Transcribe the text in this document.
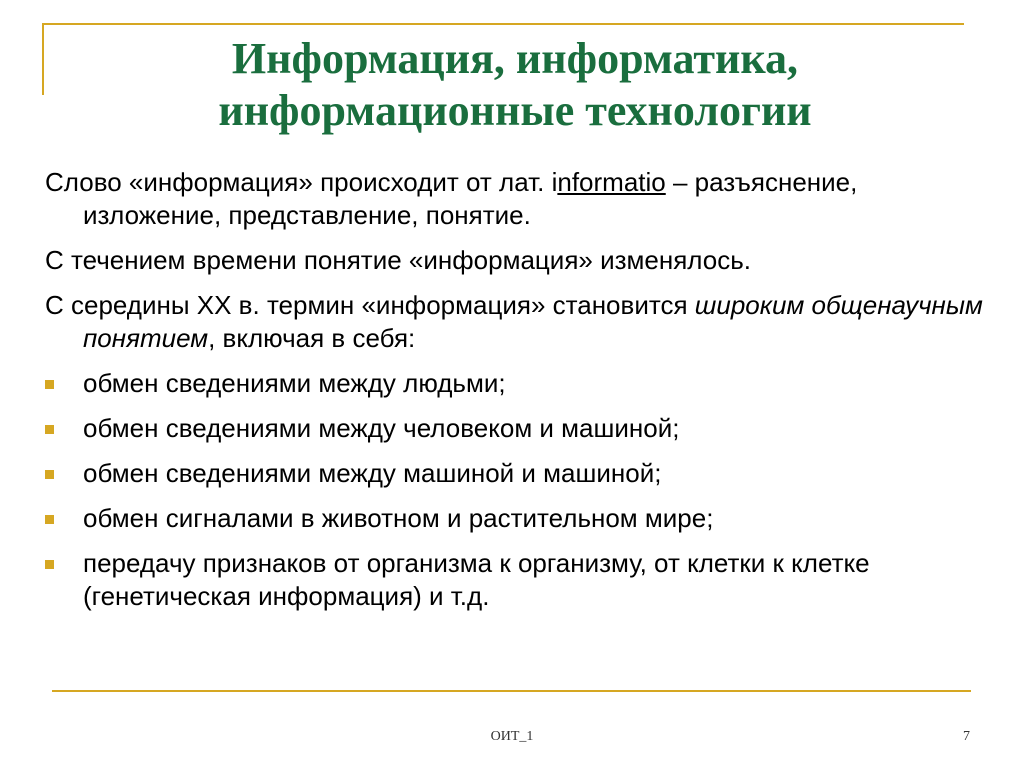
Информация, информатика,
информационные технологии

Слово «информация» происходит от лат. informatio – разъяснение, изложение, представление, понятие.

С течением времени понятие «информация» изменялось.

С середины XX в. термин «информация» становится широким общенаучным понятием, включая в себя:

обмен сведениями между людьми;
обмен сведениями между человеком и машиной;
обмен сведениями между машиной и машиной;
обмен сигналами в животном и растительном мире;
передачу признаков от организма к организму, от клетки к клетке (генетическая информация) и т.д.
ОИТ_1	7
